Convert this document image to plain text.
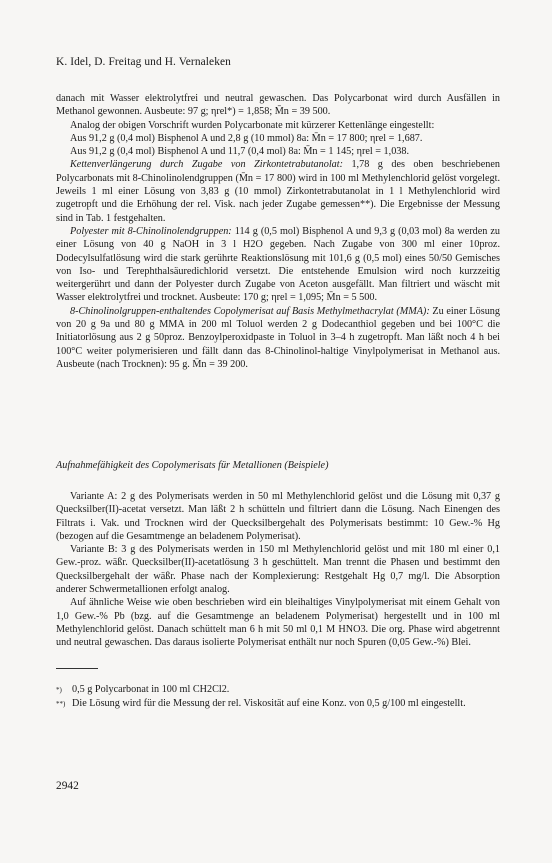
K. Idel, D. Freitag und H. Vernaleken

danach mit Wasser elektrolytfrei und neutral gewaschen. Das Polycarbonat wird durch Ausfällen in Methanol gewonnen. Ausbeute: 97 g; ηrel*) = 1,858; M̄n = 39 500.

Analog der obigen Vorschrift wurden Polycarbonate mit kürzerer Kettenlänge eingestellt:

Aus 91,2 g (0,4 mol) Bisphenol A und 2,8 g (10 mmol) 8a: M̄n = 17 800; ηrel = 1,687.

Aus 91,2 g (0,4 mol) Bisphenol A und 11,7 (0,4 mol) 8a: M̄n = 1 145; ηrel = 1,038.

Kettenverlängerung durch Zugabe von Zirkontetrabutanolat: 1,78 g des oben beschriebenen Polycarbonats mit 8-Chinolinolendgruppen (M̄n = 17 800) wird in 100 ml Methylenchlorid gelöst vorgelegt. Jeweils 1 ml einer Lösung von 3,83 g (10 mmol) Zirkontetrabutanolat in 1 l Methylenchlorid wird zugetropft und die Erhöhung der rel. Visk. nach jeder Zugabe gemessen**). Die Ergebnisse der Messung sind in Tab. 1 festgehalten.

Polyester mit 8-Chinolinolendgruppen: 114 g (0,5 mol) Bisphenol A und 9,3 g (0,03 mol) 8a werden zu einer Lösung von 40 g NaOH in 3 l H2O gegeben. Nach Zugabe von 300 ml einer 10proz. Dodecylsulfatlösung wird die stark gerührte Reaktionslösung mit 101,6 g (0,5 mol) eines 50/50 Gemisches von Iso- und Terephthalsäuredichlorid versetzt. Die entstehende Emulsion wird noch kurzzeitig weitergerührt und dann der Polyester durch Zugabe von Aceton ausgefällt. Man filtriert und wäscht mit Wasser elektrolytfrei und trocknet. Ausbeute: 170 g; ηrel = 1,095; M̄n = 5 500.

8-Chinolinolgruppen-enthaltendes Copolymerisat auf Basis Methylmethacrylat (MMA): Zu einer Lösung von 20 g 9a und 80 g MMA in 200 ml Toluol werden 2 g Dodecanthiol gegeben und bei 100°C die Initiatorlösung aus 2 g 50proz. Benzoylperoxidpaste in Toluol in 3–4 h zugetropft. Man läßt noch 4 h bei 100°C weiter polymerisieren und fällt dann das 8-Chinolinol-haltige Vinylpolymerisat in Methanol aus. Ausbeute (nach Trocknen): 95 g. M̄n = 39 200.

Aufnahmefähigkeit des Copolymerisats für Metallionen (Beispiele)

Variante A: 2 g des Polymerisats werden in 50 ml Methylenchlorid gelöst und die Lösung mit 0,37 g Quecksilber(II)-acetat versetzt. Man läßt 2 h schütteln und filtriert dann die Lösung. Nach Einengen des Filtrats i. Vak. und Trocknen wird der Quecksilbergehalt des Polymerisats bestimmt: 10 Gew.-% Hg (bezogen auf die Gesamtmenge an beladenem Polymerisat).

Variante B: 3 g des Polymerisats werden in 150 ml Methylenchlorid gelöst und mit 180 ml einer 0,1 Gew.-proz. wäßr. Quecksilber(II)-acetatlösung 3 h geschüttelt. Man trennt die Phasen und bestimmt den Quecksilbergehalt der wäßr. Phase nach der Komplexierung: Restgehalt Hg 0,7 mg/l. Die Absorption anderer Schwermetallionen erfolgt analog.

Auf ähnliche Weise wie oben beschrieben wird ein bleihaltiges Vinylpolymerisat mit einem Gehalt von 1,0 Gew.-% Pb (bzg. auf die Gesamtmenge an beladenem Polymerisat) hergestellt und in 100 ml Methylenchlorid gelöst. Danach schüttelt man 6 h mit 50 ml 0,1 M HNO3. Die org. Phase wird abgetrennt und neutral gewaschen. Das daraus isolierte Polymerisat enthält nur noch Spuren (0,05 Gew.-%) Blei.

*) 0,5 g Polycarbonat in 100 ml CH2Cl2.
**) Die Lösung wird für die Messung der rel. Viskosität auf eine Konz. von 0,5 g/100 ml eingestellt.
2942
